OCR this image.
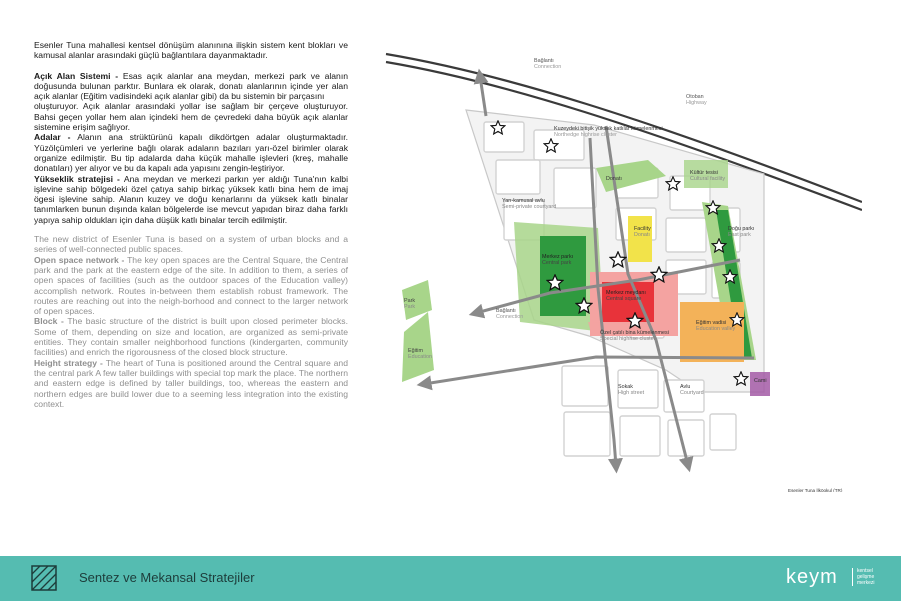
Esenler Tuna mahallesi kentsel dönüşüm alanınına ilişkin sistem kent blokları ve kamusal alanlar arasındaki güçlü bağlantılara dayanmaktadır.

Açık Alan Sistemi - Esas açık alanlar ana meydan, merkezi park ve alanın doğusunda bulunan parktır. Bunlara ek olarak, donatı alanlarının içinde yer alan açık alanlar (Eğitim vadisindeki açık alanlar gibi) da bu sistemin bir parçasını

oluşturuyor. Açık alanlar arasındaki yollar ise sağlam bir çerçeve oluşturuyor. Bahsi geçen yollar hem alan içindeki hem de çevredeki daha büyük açık alanlar sistemine erişim sağlıyor.

Adalar - Alanın ana strüktürünü kapalı dikdörtgen adalar oluşturmaktadır. Yüzölçümleri ve yerlerine bağlı olarak adaların bazıları yarı-özel birimler olarak organize edilmiştir. Bu tip adalarda daha küçük mahalle işlevleri (kreş, mahalle donatıları) yer alıyor ve bu da kapalı ada yapısını zengin-leştiriyor.

Yükseklik stratejisi - Ana meydan ve merkezi parkın yer aldığı Tuna'nın kalbi işlevine sahip bölgedeki özel çatıya sahip birkaç yüksek katlı bina hem de imaj ögesi işlevine sahip. Alanın kuzey ve doğu kenarlarını da yüksek katlı binalar tanımlarken bunun dışında kalan bölgelerde ise mevcut yapıdan biraz daha farklı yapıya sahip oldukları için daha düşük katlı binalar tercih edilmiştir.

The new district of Esenler Tuna is based on a system of urban blocks and a series of well-connected public spaces.

Open space network - The key open spaces are the Central Square, the Central park and the park at the eastern edge of the site. In addition to them, a series of open spaces of facilities (such as the outdoor spaces of the Education valley) accomplish network. Routes in-between them establish robust framework. The routes are reaching out into the neigh-borhood and connect to the larger network of open spaces.

Block - The basic structure of the district is built upon closed perimeter blocks. Some of them, depending on size and location, are organized as semi-private entities. They contain smaller neighborhood functions (kindergarten, community facilities) and enrich the rigorousness of the closed block structure.

Height strategy - The heart of Tuna is positioned around the Central square and the central park A few taller buildings with special top mark the place. The northern and eastern edge is defined by taller buildings, too, whereas the eastern and northern edges are build lower due to a seeming less integration into the existing context.

Bağlantı
Connection
Otoban
Highway
Kuzeydeki bitişik yüksek katlılar kümelenmesi
Northedge highrise cluster
Donatı
Kültür tesisi
Cultural facility
Yarı-kamusal avlu
Semi-private courtyard
Facility
Donatı
Doğu parkı
East park
Merkez parkı
Central park
Merkez meydanı
Central square
Park
Park
Bağlantı
Connection
Eğitim
Education
Özel çatılı bina kümelenmesi
Special highrise cluster
Eğitim vadisi
Education valley
Sokak
High street
Avlu
Courtyard
Cami
Esenler Tuna İlköokul (TR)
Sentez ve Mekansal Stratejiler	keym	kentsel
gelişme
merkezi
